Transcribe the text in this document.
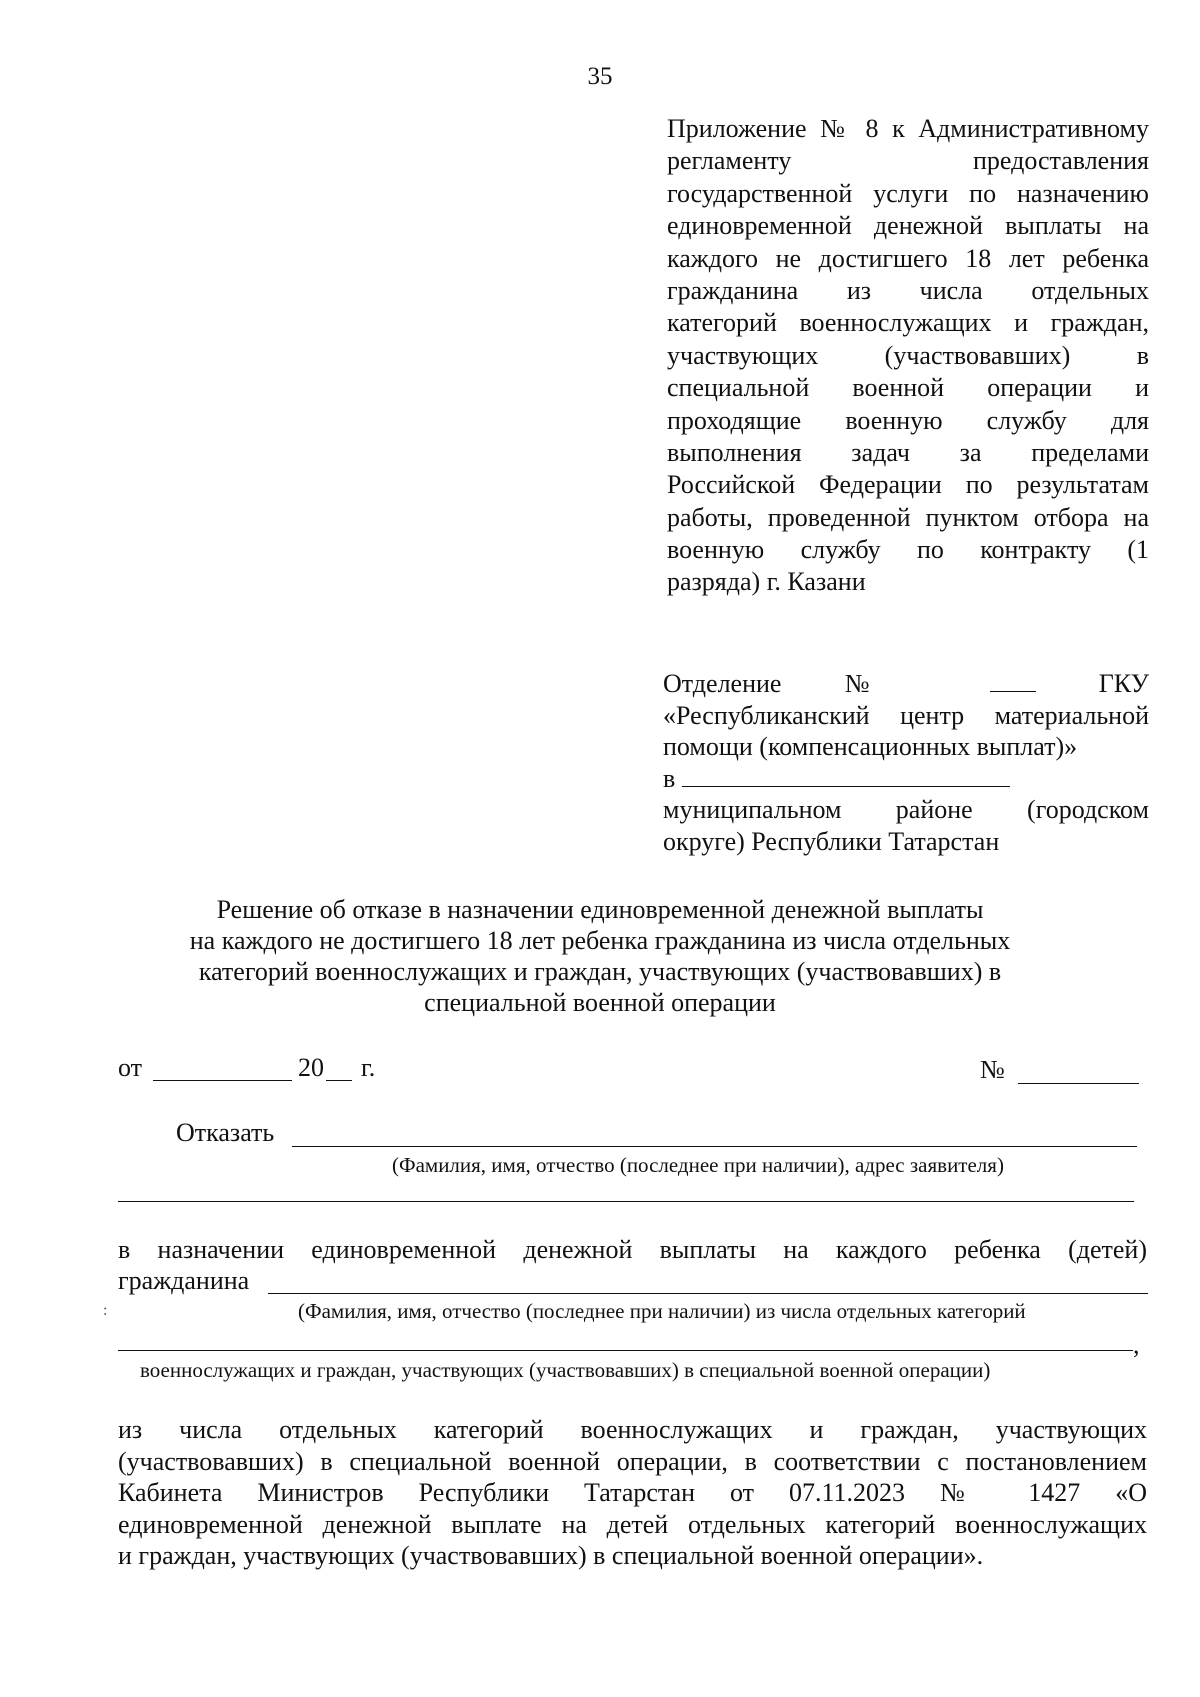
35
Приложение № 8 к Административному
регламенту предоставления
государственной услуги по назначению
единовременной денежной выплаты на
каждого не достигшего 18 лет ребенка
гражданина из числа отдельных
категорий военнослужащих и граждан,
участвующих (участвовавших) в
специальной военной операции и
проходящие военную службу для
выполнения задач за пределами
Российской Федерации по результатам
работы, проведенной пунктом отбора на
военную службу по контракту (1
разряда) г. Казани
Отделение №	ГКУ
«Республиканский центр материальной
помощи (компенсационных выплат)»
в
муниципальном районе (городском
округе) Республики Татарстан
Решение об отказе в назначении единовременной денежной выплаты
на каждого не достигшего 18 лет ребенка гражданина из числа отдельных
категорий военнослужащих и граждан, участвующих (участвовавших) в
специальной военной операции
от	20 г.	№
Отказать
(Фамилия, имя, отчество (последнее при наличии), адрес заявителя)
в назначении единовременной денежной выплаты на каждого ребенка (детей)
гражданина
(Фамилия, имя, отчество (последнее при наличии) из числа отдельных категорий
,
военнослужащих и граждан, участвующих (участвовавших) в специальной военной операции)
:
из числа отдельных категорий военнослужащих и граждан, участвующих
(участвовавших) в специальной военной операции, в соответствии с постановлением
Кабинета Министров Республики Татарстан от 07.11.2023 № 1427 «О
единовременной денежной выплате на детей отдельных категорий военнослужащих
и граждан, участвующих (участвовавших) в специальной военной операции».
